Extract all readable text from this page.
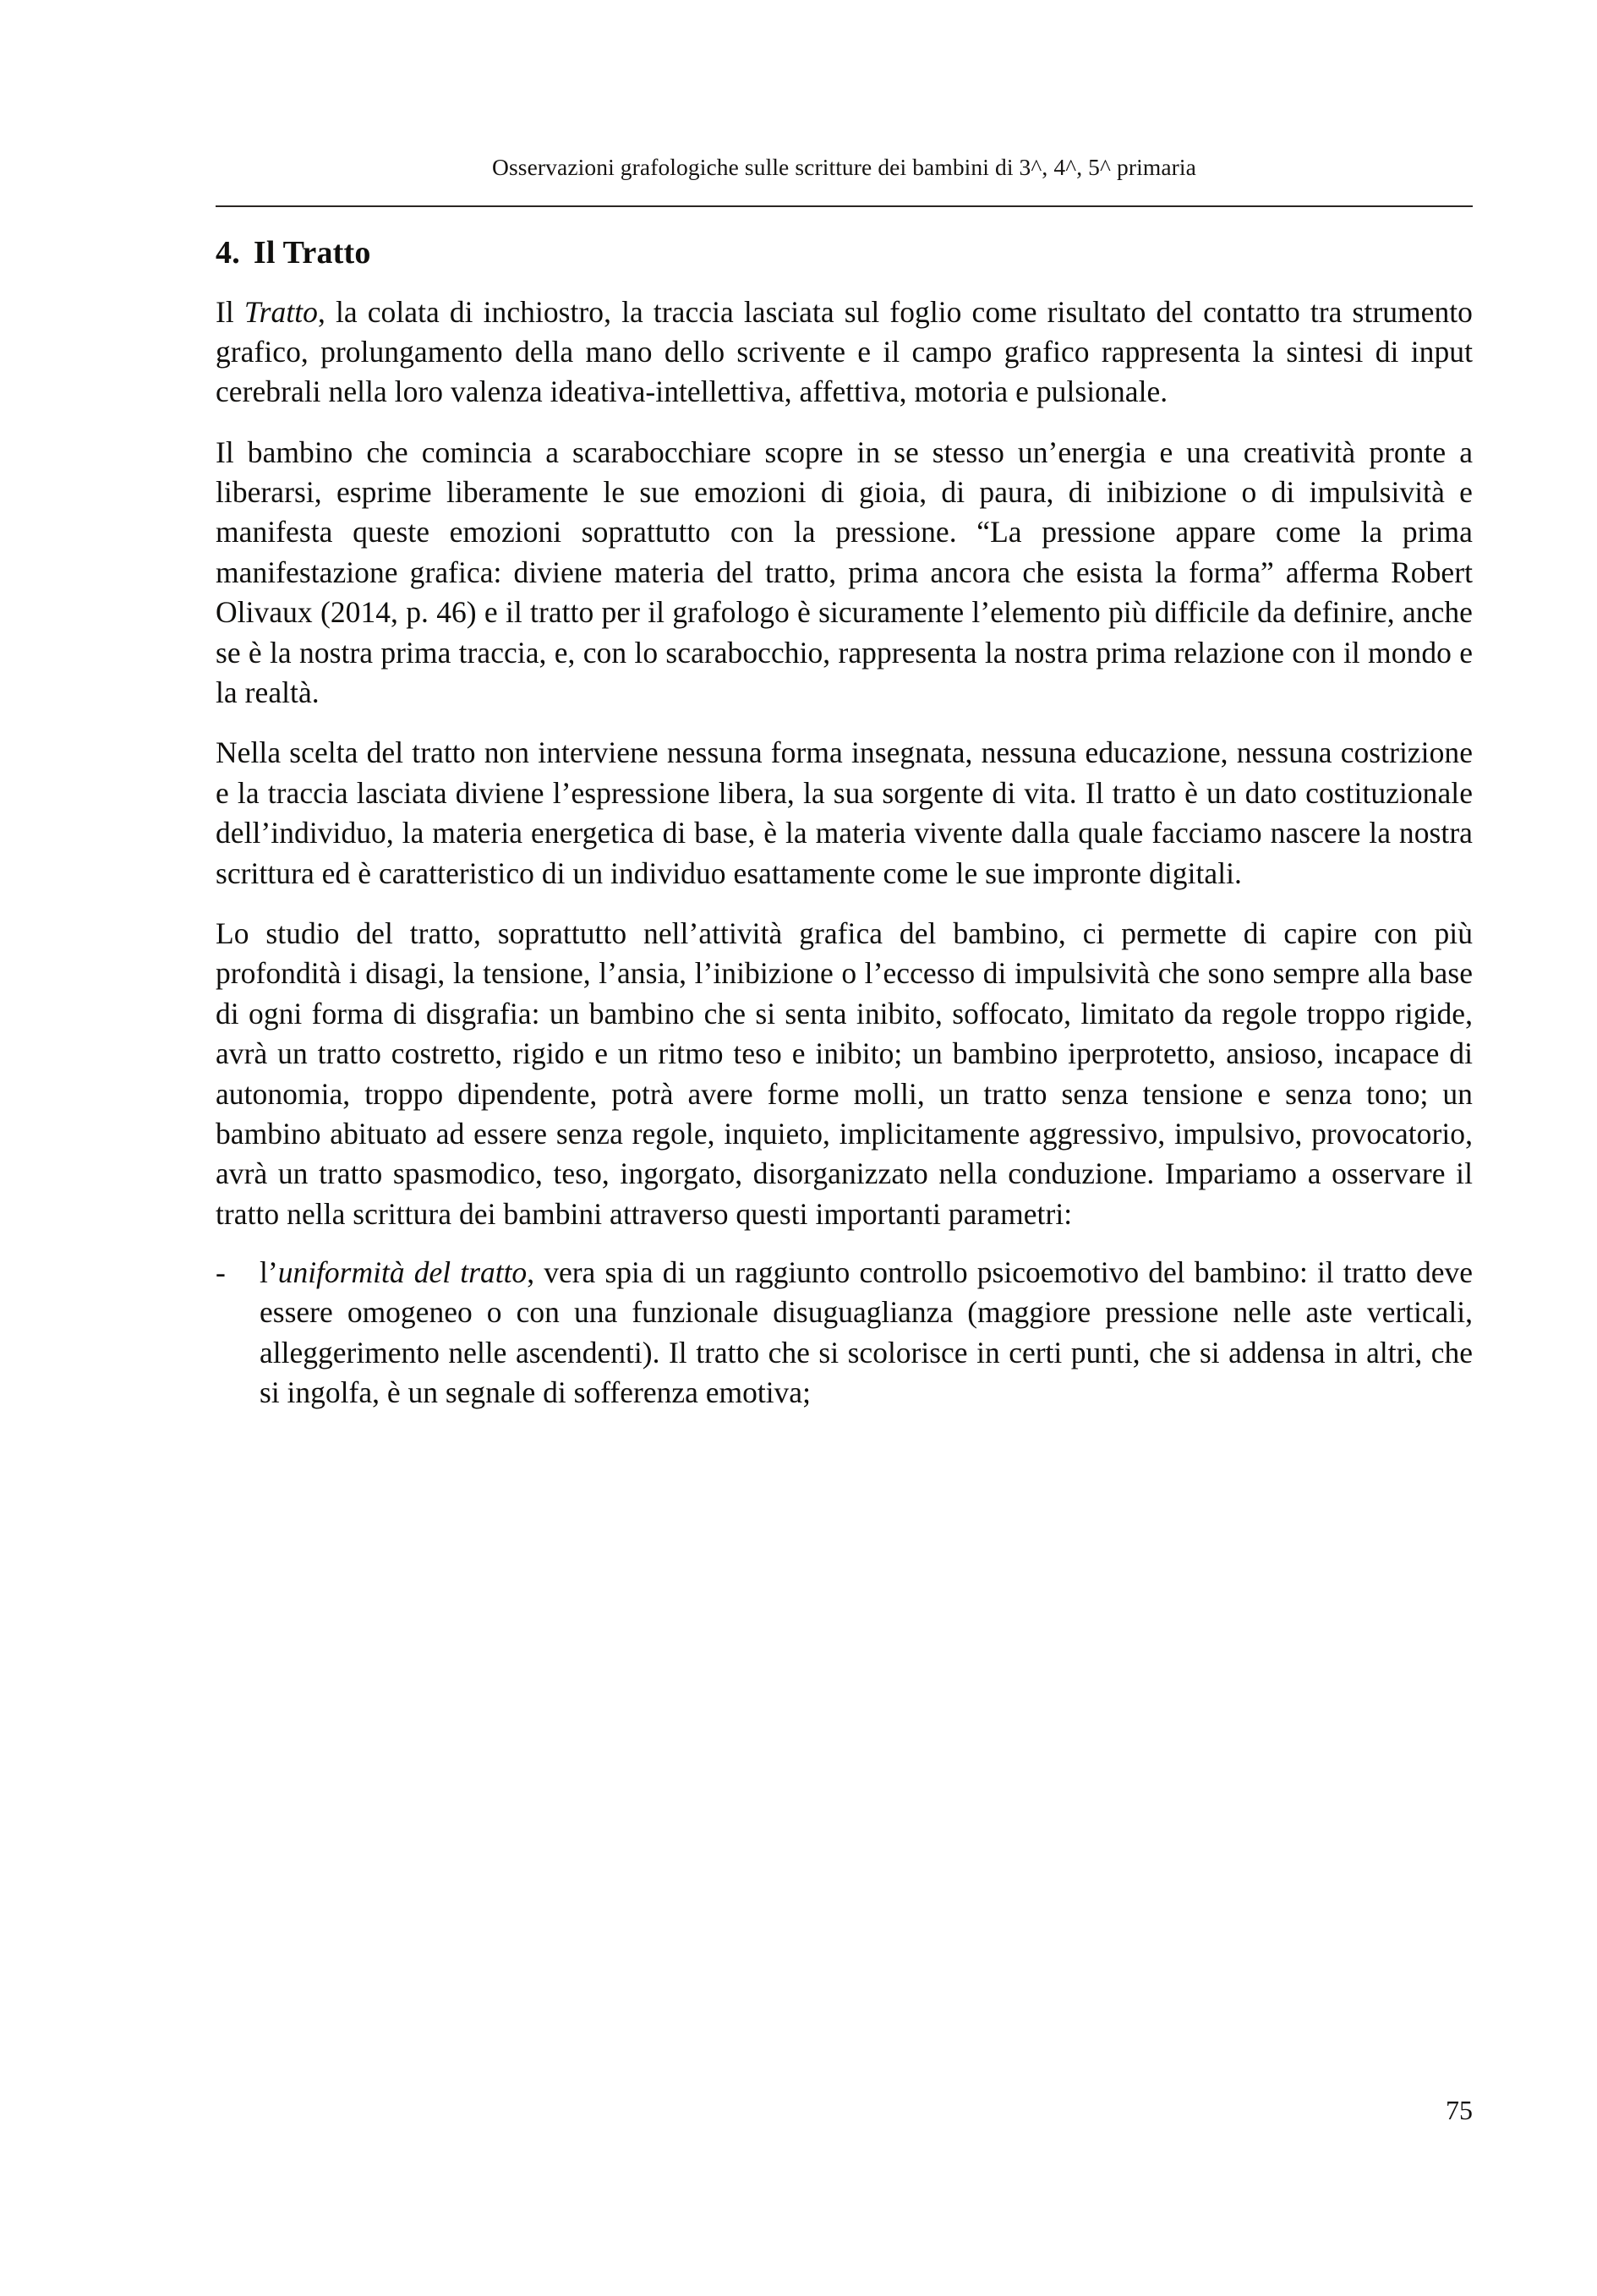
Osservazioni grafologiche sulle scritture dei bambini di 3^, 4^, 5^ primaria
4. Il Tratto

Il Tratto, la colata di inchiostro, la traccia lasciata sul foglio come risultato del contatto tra strumento grafico, prolungamento della mano dello scrivente e il campo grafico rappresenta la sintesi di input cerebrali nella loro valenza ideativa-intellettiva, affettiva, motoria e pulsionale.

Il bambino che comincia a scarabocchiare scopre in se stesso un’energia e una creatività pronte a liberarsi, esprime liberamente le sue emozioni di gioia, di paura, di inibizione o di impulsività e manifesta queste emozioni soprattutto con la pressione. “La pressione appare come la prima manifestazione grafica: diviene materia del tratto, prima ancora che esista la forma” afferma Robert Olivaux (2014, p. 46) e il tratto per il grafologo è sicuramente l’elemento più difficile da definire, anche se è la nostra prima traccia, e, con lo scarabocchio, rappresenta la nostra prima relazione con il mondo e la realtà.

Nella scelta del tratto non interviene nessuna forma insegnata, nessuna educazione, nessuna costrizione e la traccia lasciata diviene l’espressione libera, la sua sorgente di vita. Il tratto è un dato costituzionale dell’individuo, la materia energetica di base, è la materia vivente dalla quale facciamo nascere la nostra scrittura ed è caratteristico di un individuo esattamente come le sue impronte digitali.

Lo studio del tratto, soprattutto nell’attività grafica del bambino, ci permette di capire con più profondità i disagi, la tensione, l’ansia, l’inibizione o l’eccesso di impulsività che sono sempre alla base di ogni forma di disgrafia: un bambino che si senta inibito, soffocato, limitato da regole troppo rigide, avrà un tratto costretto, rigido e un ritmo teso e inibito; un bambino iperprotetto, ansioso, incapace di autonomia, troppo dipendente, potrà avere forme molli, un tratto senza tensione e senza tono; un bambino abituato ad essere senza regole, inquieto, implicitamente aggressivo, impulsivo, provocatorio, avrà un tratto spasmodico, teso, ingorgato, disorganizzato nella conduzione. Impariamo a osservare il tratto nella scrittura dei bambini attraverso questi importanti parametri:

-	l’uniformità del tratto, vera spia di un raggiunto controllo psicoemotivo del bambino: il tratto deve essere omogeneo o con una funzionale disuguaglianza (maggiore pressione nelle aste verticali, alleggerimento nelle ascendenti). Il tratto che si scolorisce in certi punti, che si addensa in altri, che si ingolfa, è un segnale di sofferenza emotiva;
75
